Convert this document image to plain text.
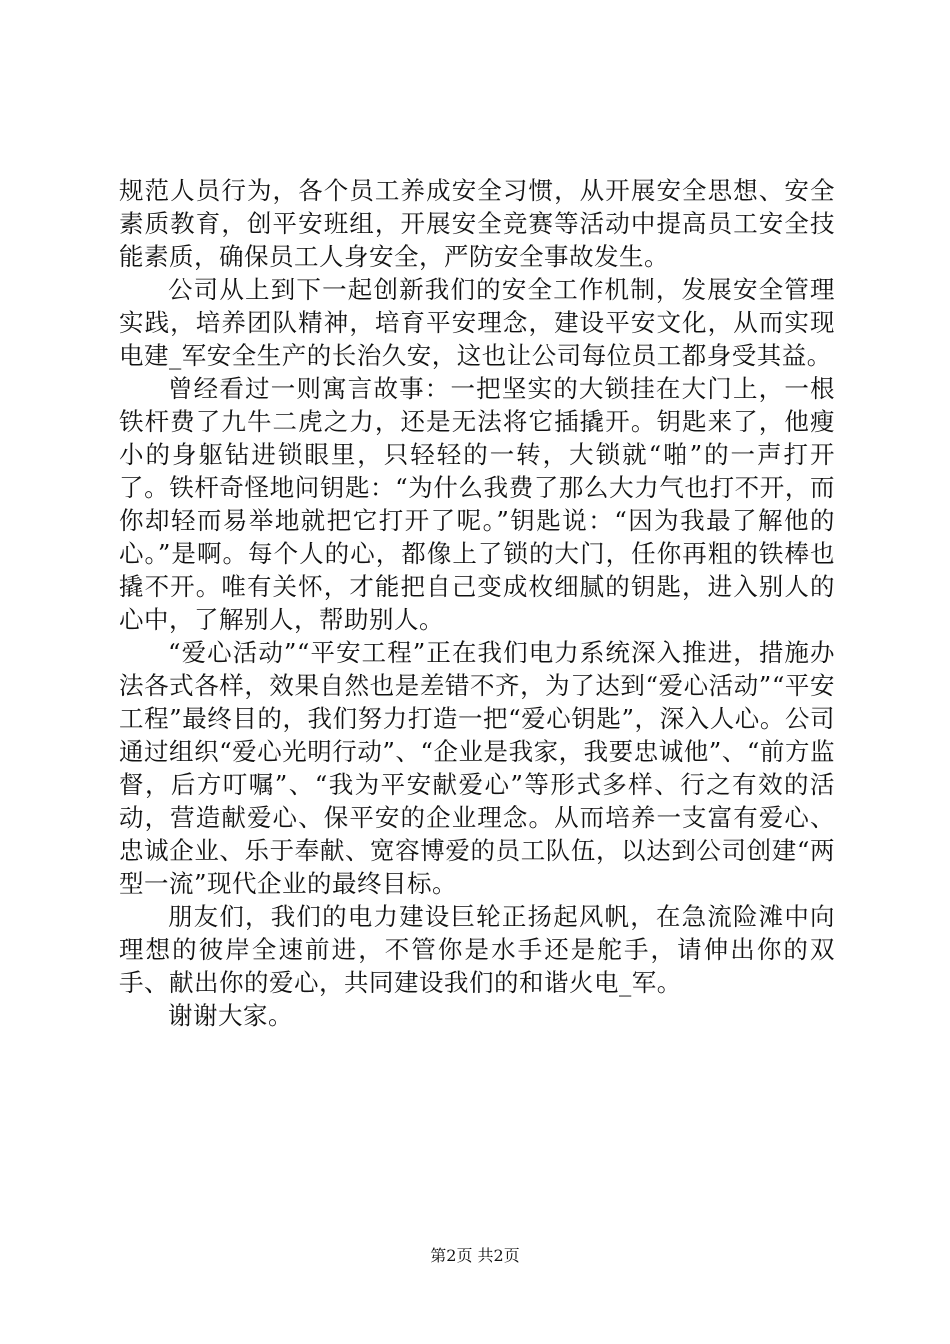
规范人员行为，各个员工养成安全习惯，从开展安全思想、安全素质教育，创平安班组，开展安全竞赛等活动中提高员工安全技能素质，确保员工人身安全，严防安全事故发生。

公司从上到下一起创新我们的安全工作机制，发展安全管理实践，培养团队精神，培育平安理念，建设平安文化，从而实现电建_军安全生产的长治久安，这也让公司每位员工都身受其益。

曾经看过一则寓言故事：一把坚实的大锁挂在大门上，一根铁杆费了九牛二虎之力，还是无法将它插撬开。钥匙来了，他瘦小的身躯钻进锁眼里，只轻轻的一转，大锁就“啪”的一声打开了。铁杆奇怪地问钥匙：“为什么我费了那么大力气也打不开，而你却轻而易举地就把它打开了呢。”钥匙说：“因为我最了解他的心。”是啊。每个人的心，都像上了锁的大门，任你再粗的铁棒也撬不开。唯有关怀，才能把自己变成枚细腻的钥匙，进入别人的心中，了解别人，帮助别人。

“爱心活动”“平安工程”正在我们电力系统深入推进，措施办法各式各样，效果自然也是差错不齐，为了达到“爱心活动”“平安工程”最终目的，我们努力打造一把“爱心钥匙”，深入人心。公司通过组织“爱心光明行动”、“企业是我家，我要忠诚他”、“前方监督，后方叮嘱”、“我为平安献爱心”等形式多样、行之有效的活动，营造献爱心、保平安的企业理念。从而培养一支富有爱心、忠诚企业、乐于奉献、宽容博爱的员工队伍，以达到公司创建“两型一流”现代企业的最终目标。

朋友们，我们的电力建设巨轮正扬起风帆，在急流险滩中向理想的彼岸全速前进，不管你是水手还是舵手，请伸出你的双手、献出你的爱心，共同建设我们的和谐火电_军。

谢谢大家。

第2页 共2页
